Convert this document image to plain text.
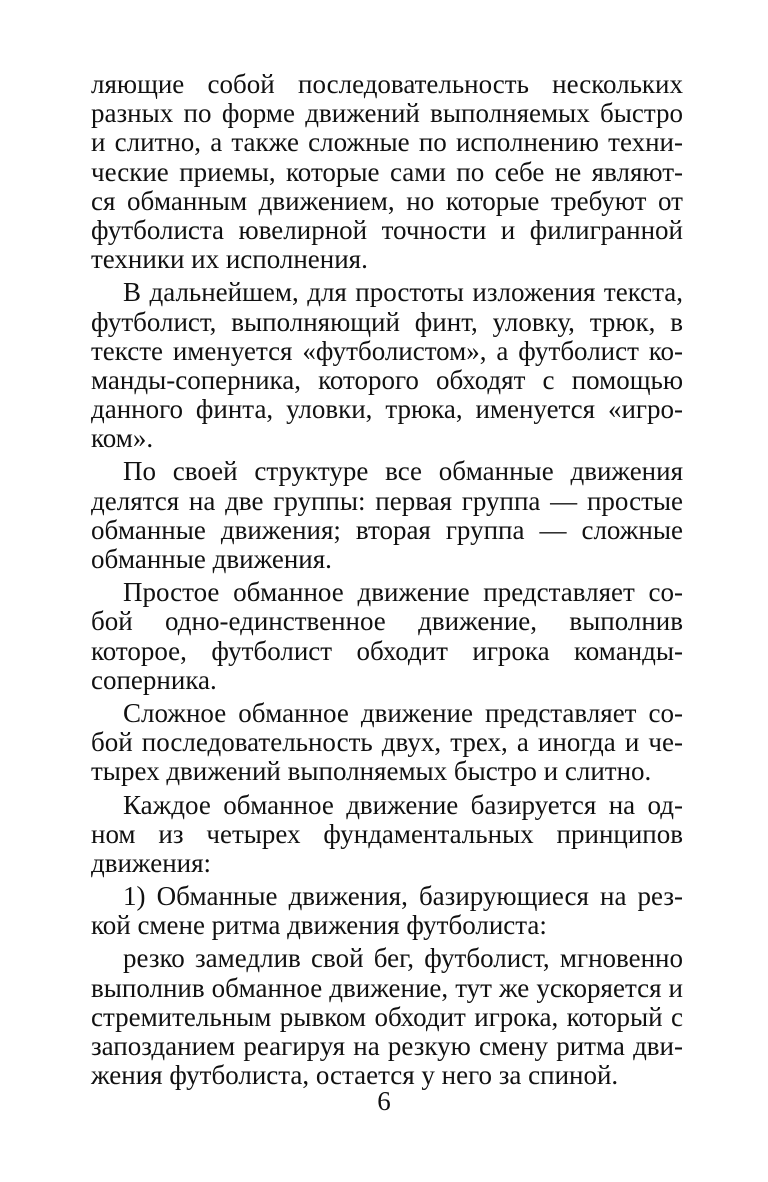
ляющие собой последовательность нескольких
разных по форме движений выполняемых быстро
и слитно, а также сложные по исполнению техни-
ческие приемы, которые сами по себе не являют-
ся обманным движением, но которые требуют от
футболиста ювелирной точности и филигранной
техники их исполнения.
В дальнейшем, для простоты изложения текста,
футболист, выполняющий финт, уловку, трюк, в
тексте именуется «футболистом», а футболист ко-
манды-соперника, которого обходят с помощью
данного финта, уловки, трюка, именуется «игро-
ком».
По своей структуре все обманные движения
делятся на две группы: первая группа — простые
обманные движения; вторая группа — сложные
обманные движения.
Простое обманное движение представляет со-
бой одно-единственное движение, выполнив
которое, футболист обходит игрока команды-
соперника.
Сложное обманное движение представляет со-
бой последовательность двух, трех, а иногда и че-
тырех движений выполняемых быстро и слитно.
Каждое обманное движение базируется на од-
ном из четырех фундаментальных принципов
движения:
1) Обманные движения, базирующиеся на рез-
кой смене ритма движения футболиста:
резко замедлив свой бег, футболист, мгновенно
выполнив обманное движение, тут же ускоряется и
стремительным рывком обходит игрока, который с
запозданием реагируя на резкую смену ритма дви-
жения футболиста, остается у него за спиной.
6
